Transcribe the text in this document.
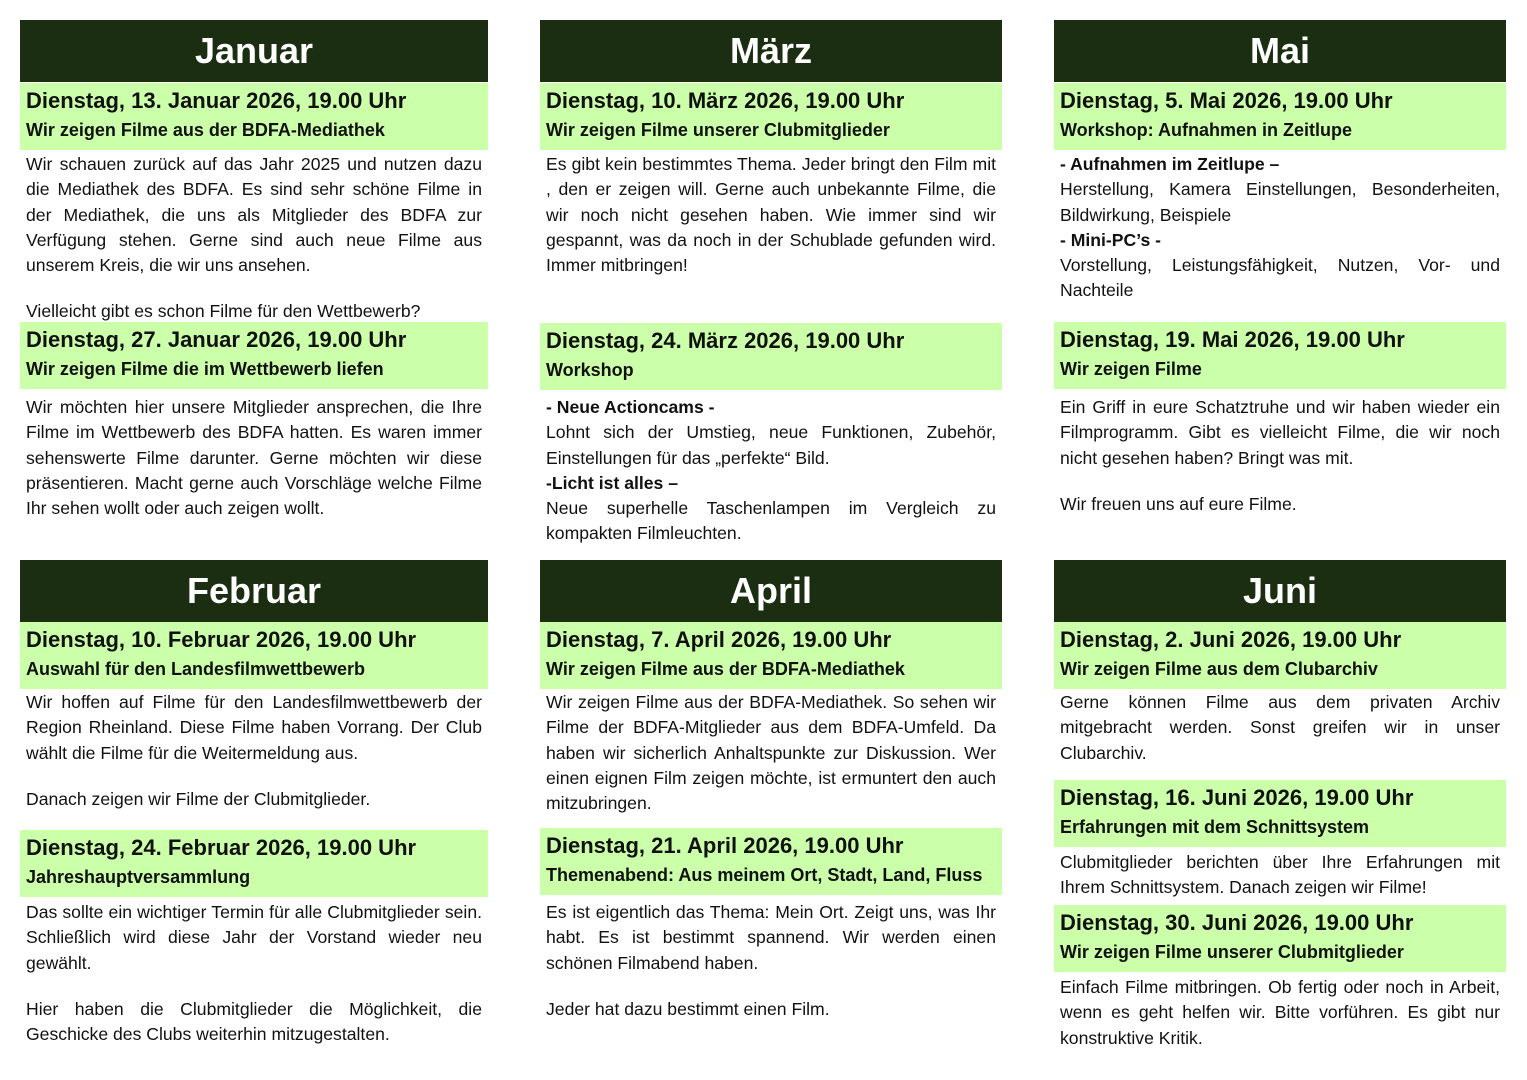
Januar
Dienstag, 13. Januar 2026, 19.00 Uhr
Wir zeigen Filme aus der BDFA-Mediathek

Wir schauen zurück auf das Jahr 2025 und nutzen dazu die Mediathek des BDFA. Es sind sehr schöne Filme in der Mediathek, die uns als Mitglieder des BDFA zur Verfügung stehen. Gerne sind auch neue Filme aus unserem Kreis, die wir uns ansehen.

Vielleicht gibt es schon Filme für den Wettbewerb?

Dienstag, 27. Januar 2026, 19.00 Uhr
Wir zeigen Filme die im Wettbewerb liefen

Wir möchten hier unsere Mitglieder ansprechen, die Ihre Filme im Wettbewerb des BDFA hatten. Es waren immer sehenswerte Filme darunter. Gerne möchten wir diese präsentieren. Macht gerne auch Vorschläge welche Filme Ihr sehen wollt oder auch zeigen wollt.

Februar
Dienstag, 10. Februar 2026, 19.00 Uhr
Auswahl für den Landesfilmwettbewerb

Wir hoffen auf Filme für den Landesfilmwettbewerb der Region Rheinland. Diese Filme haben Vorrang. Der Club wählt die Filme für die Weitermeldung aus.

Danach zeigen wir Filme der Clubmitglieder.

Dienstag, 24. Februar 2026, 19.00 Uhr
Jahreshauptversammlung

Das sollte ein wichtiger Termin für alle Clubmitglieder sein. Schließlich wird diese Jahr der Vorstand wieder neu gewählt.

Hier haben die Clubmitglieder die Möglichkeit, die Geschicke des Clubs weiterhin mitzugestalten.

März
Dienstag, 10. März 2026, 19.00 Uhr
Wir zeigen Filme unserer Clubmitglieder

Es gibt kein bestimmtes Thema. Jeder bringt den Film mit , den er zeigen will. Gerne auch unbekannte Filme, die wir noch nicht gesehen haben. Wie immer sind wir gespannt, was da noch in der Schublade gefunden wird. Immer mitbringen!

Dienstag, 24. März 2026, 19.00 Uhr
Workshop

- Neue Actioncams -

Lohnt sich der Umstieg, neue Funktionen, Zubehör, Einstellungen für das „perfekte“ Bild.

-Licht ist alles –

Neue superhelle Taschenlampen im Vergleich zu kompakten Filmleuchten.

April
Dienstag, 7. April 2026, 19.00 Uhr
Wir zeigen Filme aus der BDFA-Mediathek

Wir zeigen Filme aus der BDFA-Mediathek. So sehen wir Filme der BDFA-Mitglieder aus dem BDFA-Umfeld. Da haben wir sicherlich Anhaltspunkte zur Diskussion. Wer einen eignen Film zeigen möchte, ist ermuntert den auch mitzubringen.

Dienstag, 21. April 2026, 19.00 Uhr
Themenabend: Aus meinem Ort, Stadt, Land, Fluss

Es ist eigentlich das Thema: Mein Ort. Zeigt uns, was Ihr habt. Es ist bestimmt spannend. Wir werden einen schönen Filmabend haben.

Jeder hat dazu bestimmt einen Film.

Mai
Dienstag, 5. Mai 2026, 19.00 Uhr
Workshop: Aufnahmen in Zeitlupe

- Aufnahmen im Zeitlupe –

Herstellung, Kamera Einstellungen, Besonderheiten, Bildwirkung, Beispiele

- Mini-PC’s -

Vorstellung, Leistungsfähigkeit, Nutzen, Vor- und Nachteile

Dienstag, 19. Mai 2026, 19.00 Uhr
Wir zeigen Filme

Ein Griff in eure Schatztruhe und wir haben wieder ein Filmprogramm. Gibt es vielleicht Filme, die wir noch nicht gesehen haben? Bringt was mit.

Wir freuen uns auf eure Filme.

Juni
Dienstag, 2. Juni 2026, 19.00 Uhr
Wir zeigen Filme aus dem Clubarchiv

Gerne können Filme aus dem privaten Archiv mitgebracht werden. Sonst greifen wir in unser Clubarchiv.

Dienstag, 16. Juni 2026, 19.00 Uhr
Erfahrungen mit dem Schnittsystem

Clubmitglieder berichten über Ihre Erfahrungen mit Ihrem Schnittsystem. Danach zeigen wir Filme!

Dienstag, 30. Juni 2026, 19.00 Uhr
Wir zeigen Filme unserer Clubmitglieder

Einfach Filme mitbringen. Ob fertig oder noch in Arbeit, wenn es geht helfen wir. Bitte vorführen. Es gibt nur konstruktive Kritik.
